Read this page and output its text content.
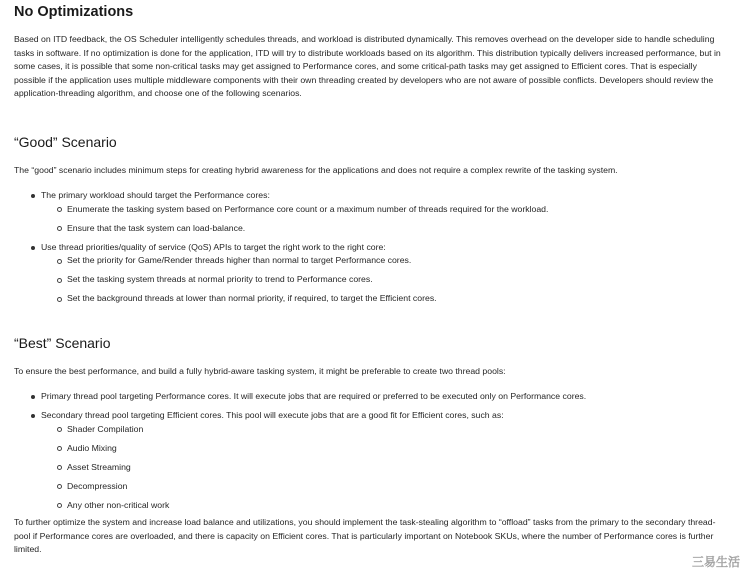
No Optimizations

Based on ITD feedback, the OS Scheduler intelligently schedules threads, and workload is distributed dynamically. This removes overhead on the developer side to handle scheduling tasks in software. If no optimization is done for the application, ITD will try to distribute workloads based on its algorithm. This distribution typically delivers increased performance, but in some cases, it is possible that some non-critical tasks may get assigned to Performance cores, and some critical-path tasks may get assigned to Efficient cores. That is especially possible if the application uses multiple middleware components with their own threading created by developers who are not aware of possible conflicts. Developers should review the application-threading algorithm, and choose one of the following scenarios.

“Good” Scenario

The “good” scenario includes minimum steps for creating hybrid awareness for the applications and does not require a complex rewrite of the tasking system.

The primary workload should target the Performance cores:
Enumerate the tasking system based on Performance core count or a maximum number of threads required for the workload.
Ensure that the task system can load-balance.
Use thread priorities/quality of service (QoS) APIs to target the right work to the right core:
Set the priority for Game/Render threads higher than normal to target Performance cores.
Set the tasking system threads at normal priority to trend to Performance cores.
Set the background threads at lower than normal priority, if required, to target the Efficient cores.
“Best” Scenario

To ensure the best performance, and build a fully hybrid-aware tasking system, it might be preferable to create two thread pools:

Primary thread pool targeting Performance cores. It will execute jobs that are required or preferred to be executed only on Performance cores.
Secondary thread pool targeting Efficient cores. This pool will execute jobs that are a good fit for Efficient cores, such as:
Shader Compilation
Audio Mixing
Asset Streaming
Decompression
Any other non-critical work

To further optimize the system and increase load balance and utilizations, you should implement the task-stealing algorithm to “offload” tasks from the primary to the secondary thread-pool if Performance cores are overloaded, and there is capacity on Efficient cores. That is particularly important on Notebook SKUs, where the number of Performance cores is further limited.

三易生活
